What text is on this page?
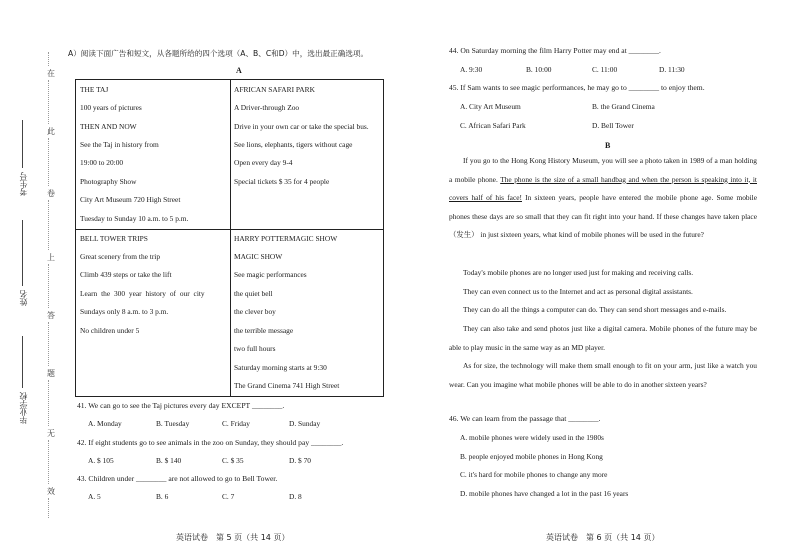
在
此
卷
上
答
题
无
效
考生号
姓名
毕业学校
A）阅读下面广告和短文，从各题所给的四个选项（A、B、C和D）中，选出最正确选项。
A
THE TAJ
100 years of pictures
THEN AND NOW
See the Taj in history from
19:00 to 20:00
Photography Show
City Art Museum 720 High Street
Tuesday to Sunday 10 a.m. to 5 p.m.
AFRICAN SAFARI PARK
A Driver-through Zoo
Drive in your own car or take the special bus.
See lions, elephants, tigers without cage
Open every day 9-4
Special tickets $ 35 for 4 people
BELL TOWER TRIPS
Great scenery from the trip
Climb 439 steps or take the lift
Learn the 300 year history of our city
Sundays only 8 a.m. to 3 p.m.
No children under 5
HARRY POTTERMAGIC SHOW
MAGIC SHOW
See magic performances
the quiet bell
the clever boy
the terrible message
two full hours
Saturday morning starts at 9:30
The Grand Cinema 741 High Street
41. We can go to see the Taj pictures every day EXCEPT ________.
A. Monday	B. Tuesday	C. Friday	D. Sunday
42. If eight students go to see animals in the zoo on Sunday, they should pay ________.
A. $ 105	B. $ 140	C. $ 35	D. $ 70
43. Children under ________ are not allowed to go to Bell Tower.
A. 5	B. 6	C. 7	D. 8
英语试卷　第 5 页（共 14 页）
44. On Saturday morning the film Harry Potter may end at ________.
A. 9:30	B. 10:00	C. 11:00	D. 11:30
45. If Sam wants to see magic performances, he may go to ________ to enjoy them.
A. City Art Museum	B. the Grand Cinema
C. African Safari Park	D. Bell Tower
B
If you go to the Hong Kong History Museum, you will see a photo taken in 1989 of a man holding a mobile phone. The phone is the size of a small handbag and when the person is speaking into it, it covers half of his face! In sixteen years, people have entered the mobile phone age. Some mobile phones these days are so small that they can fit right into your hand. If these changes have taken place（发生） in just sixteen years, what kind of mobile phones will be used in the future?
Today's mobile phones are no longer used just for making and receiving calls.
They can even connect us to the Internet and act as personal digital assistants.
They can do all the things a computer can do. They can send short messages and e-mails.
They can also take and send photos just like a digital camera. Mobile phones of the future may be able to play music in the same way as an MD player.
As for size, the technology will make them small enough to fit on your arm, just like a watch you wear. Can you imagine what mobile phones will be able to do in another sixteen years?
46. We can learn from the passage that ________.
A. mobile phones were widely used in the 1980s
B. people enjoyed mobile phones in Hong Kong
C. it's hard for mobile phones to change any more
D. mobile phones have changed a lot in the past 16 years
英语试卷　第 6 页（共 14 页）
